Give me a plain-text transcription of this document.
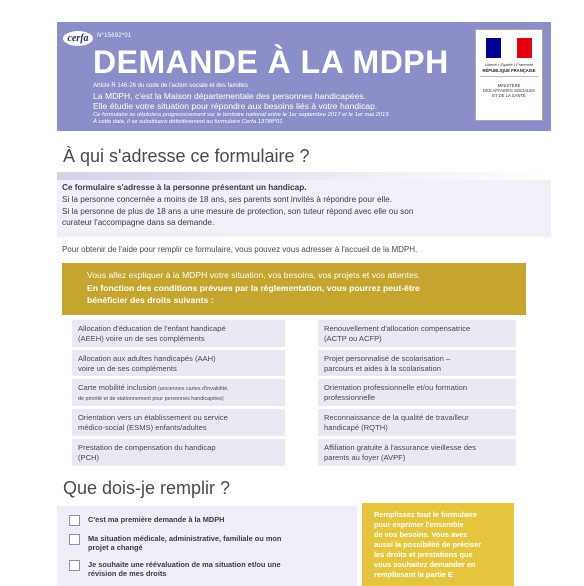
cerfa	N°15692*01
DEMANDE À LA MDPH
Article R 146-26 du code de l'action sociale et des familles
La MDPH, c'est la Maison départementale des personnes handicapées.
Elle étudie votre situation pour répondre aux besoins liés à votre handicap.
Ce formulaire se déploiera progressivement sur le territoire national entre le 1er septembre 2017 et le 1er mai 2019.
À cette date, il se substituera définitivement au formulaire Cerfa 13788*01.
Liberté • Égalité • Fraternité
RÉPUBLIQUE FRANÇAISE
MINISTÈRE
DES AFFAIRES SOCIALES
ET DE LA SANTÉ
À qui s'adresse ce formulaire ?
Ce formulaire s'adresse à la personne présentant un handicap.
Si la personne concernée a moins de 18 ans, ses parents sont invités à répondre pour elle.
Si la personne de plus de 18 ans a une mesure de protection, son tuteur répond avec elle ou son
curateur l'accompagne dans sa demande.
Pour obtenir de l'aide pour remplir ce formulaire, vous pouvez vous adresser à l'accueil de la MDPH.
Vous allez expliquer à la MDPH votre situation, vos besoins, vos projets et vos attentes.
En fonction des conditions prévues par la règlementation, vous pourrez peut-être
bénéficier des droits suivants :
Allocation d'éducation de l'enfant handicapé
(AEEH) voire un de ses compléments
Allocation aux adultes handicapés (AAH)
voire un de ses compléments
Carte mobilité inclusion (anciennes cartes d'invalidité,
de priorité et de stationnement pour personnes handicapées)
Orientation vers un établissement ou service
médico-social (ESMS) enfants/adultes
Prestation de compensation du handicap
(PCH)
Renouvellement d'allocation compensatrice
(ACTP ou ACFP)
Projet personnalisé de scolarisation –
parcours et aides à la scolarisation
Orientation professionnelle et/ou formation
professionnelle
Reconnaissance de la qualité de travailleur
handicapé (RQTH)
Affiliation gratuite à l'assurance vieillesse des
parents au foyer (AVPF)
Que dois-je remplir ?
C'est ma première demande à la MDPH
Ma situation médicale, administrative, familiale ou mon
projet a changé
Je souhaite une réévaluation de ma situation et/ou une
révision de mes droits
Remplissez tout le formulaire
pour exprimer l'ensemble
de vos besoins. Vous avez
aussi la possibilité de préciser
les droits et prestations que
vous souhaitez demander en
remplissant la partie E
